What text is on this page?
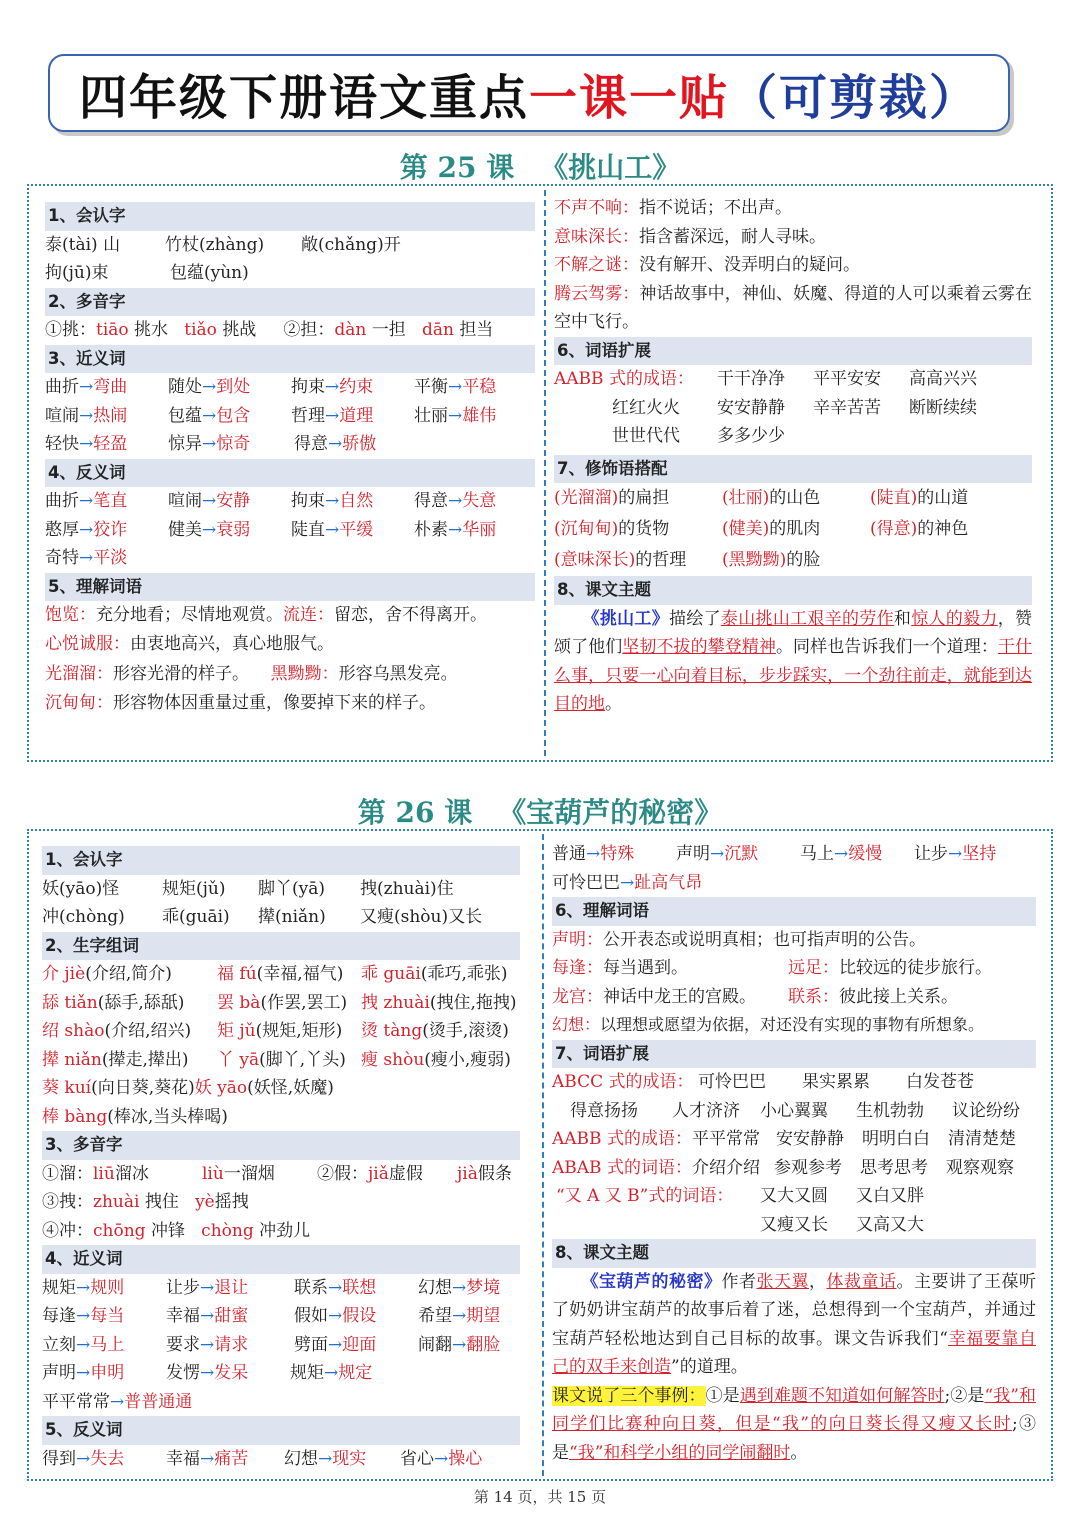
四年级下册语文重点 一课一贴 （可剪裁）
第 25 课 《挑山工》
1、会认字
泰(tài) 山	竹杖(zhàng) 敞(chǎng)开
拘(jū)束	包蕴(yùn)
2、多音字
①挑：tiāo 挑水 tiǎo 挑战 ②担：dàn 一担 dān 担当
3、近义词
曲折→弯曲 随处→到处 拘束→约束 平衡→平稳
喧闹→热闹 包蕴→包含 哲理→道理 壮丽→雄伟
轻快→轻盈 惊异→惊奇	得意→骄傲
4、反义词
曲折→笔直 喧闹→安静 拘束→自然 得意→失意
憨厚→狡诈 健美→衰弱 陡直→平缓 朴素→华丽
奇特→平淡
5、理解词语
饱览：充分地看；尽情地观赏。流连：留恋，舍不得离开。
心悦诚服：由衷地高兴，真心地服气。
光溜溜：形容光滑的样子。 黑黝黝：形容乌黑发亮。
沉甸甸：形容物体因重量过重，像要掉下来的样子。
不声不响：指不说话；不出声。
意味深长：指含蓄深远，耐人寻味。
不解之谜：没有解开、没弄明白的疑问。
腾云驾雾：神话故事中，神仙、妖魔、得道的人可以乘着云雾在空中飞行。
6、词语扩展
AABB 式的成语： 干干净净 平平安安 高高兴兴
红红火火 安安静静 辛辛苦苦 断断续续
世世代代 多多少少
7、修饰语搭配
(光溜溜)的扁担	(壮丽)的山色	(陡直)的山道
(沉甸甸)的货物	(健美)的肌肉	(得意)的神色
(意味深长)的哲理 (黑黝黝)的脸
8、课文主题
《挑山工》描绘了泰山挑山工艰辛的劳作和惊人的毅力，赞颂了他们坚韧不拔的攀登精神。同样也告诉我们一个道理：干什么事，只要一心向着目标，步步踩实，一个劲往前走，就能到达目的地。
第 26 课 《宝葫芦的秘密》
1、会认字
妖(yāo)怪	规矩(jǔ) 脚丫(yā) 拽(zhuài)住
冲(chòng) 乖(guāi) 撵(niǎn) 又瘦(shòu)又长
2、生字组词
介 jiè(介绍,简介)	福 fú(幸福,福气) 乖 guāi(乖巧,乖张)
舔 tiǎn(舔手,舔舐) 罢 bà(作罢,罢工) 拽 zhuài(拽住,拖拽)
绍 shào(介绍,绍兴) 矩 jǔ(规矩,矩形) 烫 tàng(烫手,滚烫)
撵 niǎn(撵走,撵出) 丫 yā(脚丫,丫头) 瘦 shòu(瘦小,瘦弱)
葵 kuí(向日葵,葵花)妖 yāo(妖怪,妖魔)
棒 bàng(棒冰,当头棒喝)
3、多音字
①溜：liū溜冰	liù一溜烟 ②假：jiǎ虚假 jià假条
③拽：zhuài 拽住 yè摇拽
④冲：chōng 冲锋 chòng 冲劲儿
4、近义词
规矩→规则 让步→退让	联系→联想 幻想→梦境
每逢→每当 幸福→甜蜜	假如→假设 希望→期望
立刻→马上 要求→请求	劈面→迎面 闹翻→翻脸
声明→申明 发愣→发呆 规矩→规定
平平常常→普普通通
5、反义词
得到→失去 幸福→痛苦 幻想→现实 省心→操心
普通→特殊 声明→沉默 马上→缓慢 让步→坚持
可怜巴巴→趾高气昂
6、理解词语
声明：公开表态或说明真相；也可指声明的公告。
每逢：每当遇到。	远足：比较远的徒步旅行。
龙宫：神话中龙王的宫殿。 联系：彼此接上关系。
幻想：以理想或愿望为依据，对还没有实现的事物有所想象。
7、词语扩展
ABCC 式的成语： 可怜巴巴 果实累累 白发苍苍
得意扬扬 人才济济 小心翼翼 生机勃勃 议论纷纷
AABB 式的成语：平平常常 安安静静 明明白白 清清楚楚
ABAB 式的词语：介绍介绍 参观参考 思考思考 观察观察
“又 A 又 B”式的词语： 又大又圆 又白又胖
又瘦又长 又高又大
8、课文主题
《宝葫芦的秘密》作者张天翼，体裁童话。主要讲了王葆听了奶奶讲宝葫芦的故事后着了迷，总想得到一个宝葫芦，并通过宝葫芦轻松地达到自己目标的故事。课文告诉我们“幸福要靠自己的双手来创造”的道理。
课文说了三个事例：①是遇到难题不知道如何解答时;②是“我”和同学们比赛种向日葵，但是“我”的向日葵长得又瘦又长时;③是“我”和科学小组的同学闹翻时。
第 14 页，共 15 页
